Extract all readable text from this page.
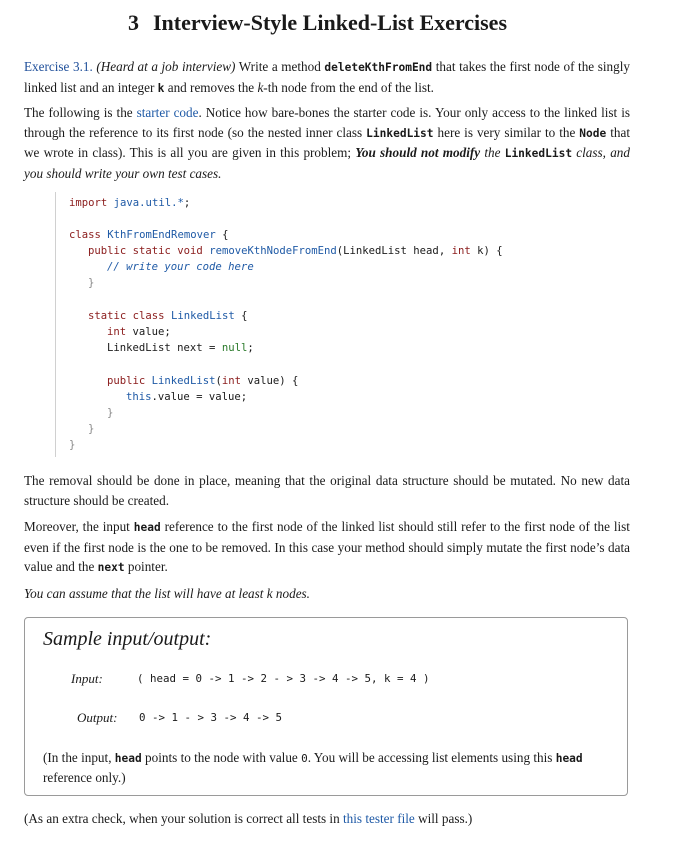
3 Interview-Style Linked-List Exercises
Exercise 3.1. (Heard at a job interview) Write a method deleteKthFromEnd that takes the first node of the singly linked list and an integer k and removes the k-th node from the end of the list.
The following is the starter code. Notice how bare-bones the starter code is. Your only access to the linked list is through the reference to its first node (so the nested inner class LinkedList here is very similar to the Node that we wrote in class). This is all you are given in this problem; You should not modify the LinkedList class, and you should write your own test cases.
import java.util.*;
class KthFromEndRemover {
public static void removeKthNodeFromEnd(LinkedList head, int k) {
// write your code here
}
static class LinkedList {
int value;
LinkedList next = null;
public LinkedList(int value) {
this.value = value;
}
}
}
The removal should be done in place, meaning that the original data structure should be mutated. No new data structure should be created.
Moreover, the input head reference to the first node of the linked list should still refer to the first node of the list even if the first node is the one to be removed. In this case your method should simply mutate the first node’s data value and the next pointer.
You can assume that the list will have at least k nodes.
Sample input/output:
Input:	( head = 0 -> 1 -> 2 - > 3 -> 4 -> 5, k = 4 )
Output: 0 -> 1 - > 3 -> 4 -> 5
(In the input, head points to the node with value 0. You will be accessing list elements using this head reference only.)
(As an extra check, when your solution is correct all tests in this tester file will pass.)
